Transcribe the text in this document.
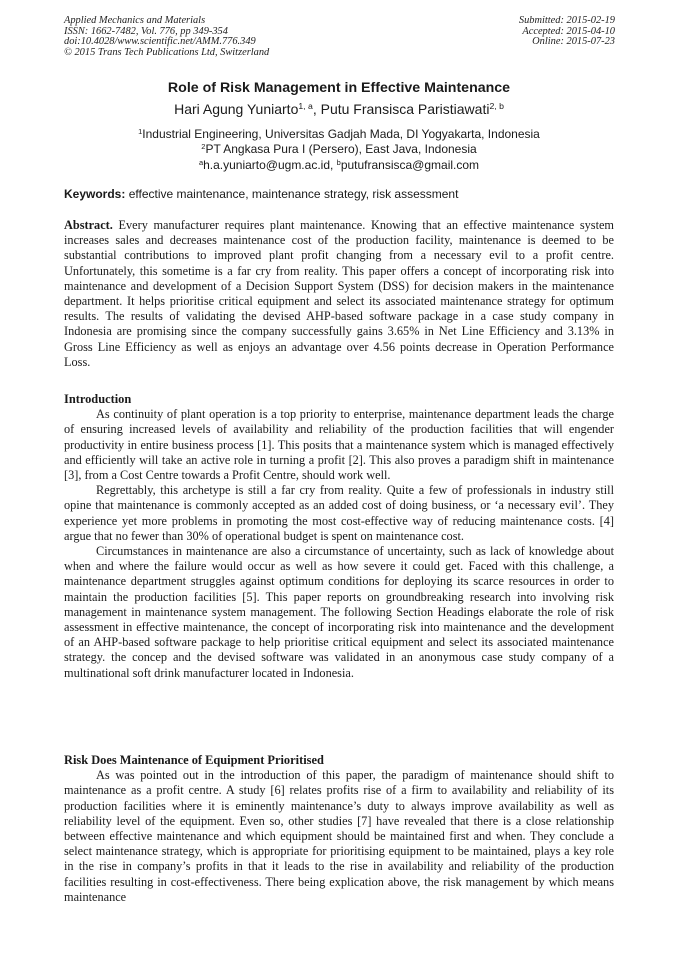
Applied Mechanics and Materials
ISSN: 1662-7482, Vol. 776, pp 349-354
doi:10.4028/www.scientific.net/AMM.776.349
© 2015 Trans Tech Publications Ltd, Switzerland
Submitted: 2015-02-19
Accepted: 2015-04-10
Online: 2015-07-23
Role of Risk Management in Effective Maintenance
Hari Agung Yuniarto$^{1, a}$, Putu Fransisca Paristiawati$^{2, b}$
$^1$Industrial Engineering, Universitas Gadjah Mada, DI Yogyakarta, Indonesia
$^2$PT Angkasa Pura I (Persero), East Java, Indonesia
$^a$h.a.yuniarto@ugm.ac.id, $^b$putufransisca@gmail.com
Keywords: effective maintenance, maintenance strategy, risk assessment

Abstract. Every manufacturer requires plant maintenance. Knowing that an effective maintenance system increases sales and decreases maintenance cost of the production facility, maintenance is deemed to be substantial contributions to improved plant profit changing from a necessary evil to a profit centre. Unfortunately, this sometime is a far cry from reality. This paper offers a concept of incorporating risk into maintenance and development of a Decision Support System (DSS) for decision makers in the maintenance department. It helps prioritise critical equipment and select its associated maintenance strategy for optimum results. The results of validating the devised AHP-based software package in a case study company in Indonesia are promising since the company successfully gains 3.65% in Net Line Efficiency and 3.13% in Gross Line Efficiency as well as enjoys an advantage over 4.56 points decrease in Operation Performance Loss.

Introduction

As continuity of plant operation is a top priority to enterprise, maintenance department leads the charge of ensuring increased levels of availability and reliability of the production facilities that will engender productivity in entire business process [1]. This posits that a maintenance system which is managed effectively and efficiently will take an active role in turning a profit [2]. This also proves a paradigm shift in maintenance [3], from a Cost Centre towards a Profit Centre, should work well.

Regrettably, this archetype is still a far cry from reality. Quite a few of professionals in industry still opine that maintenance is commonly accepted as an added cost of doing business, or ‘a necessary evil’. They experience yet more problems in promoting the most cost-effective way of reducing maintenance costs. [4] argue that no fewer than 30% of operational budget is spent on maintenance cost.

Circumstances in maintenance are also a circumstance of uncertainty, such as lack of knowledge about when and where the failure would occur as well as how severe it could get. Faced with this challenge, a maintenance department struggles against optimum conditions for deploying its scarce resources in order to maintain the production facilities [5]. This paper reports on groundbreaking research into involving risk management in maintenance system management. The following Section Headings elaborate the role of risk assessment in effective maintenance, the concept of incorporating risk into maintenance and the development of an AHP-based software package to help prioritise critical equipment and select its associated maintenance strategy. the concep and the devised software was validated in an anonymous case study company of a multinational soft drink manufacturer located in Indonesia.

Risk Does Maintenance of Equipment Prioritised

As was pointed out in the introduction of this paper, the paradigm of maintenance should shift to maintenance as a profit centre. A study [6] relates profits rise of a firm to availability and reliability of its production facilities where it is eminently maintenance’s duty to always improve availability as well as reliability level of the equipment. Even so, other studies [7] have revealed that there is a close relationship between effective maintenance and which equipment should be maintained first and when. They conclude a select maintenance strategy, which is appropriate for prioritising equipment to be maintained, plays a key role in the rise in company’s profits in that it leads to the rise in availability and reliability of the production facilities resulting in cost-effectiveness. There being explication above, the risk management by which means maintenance
